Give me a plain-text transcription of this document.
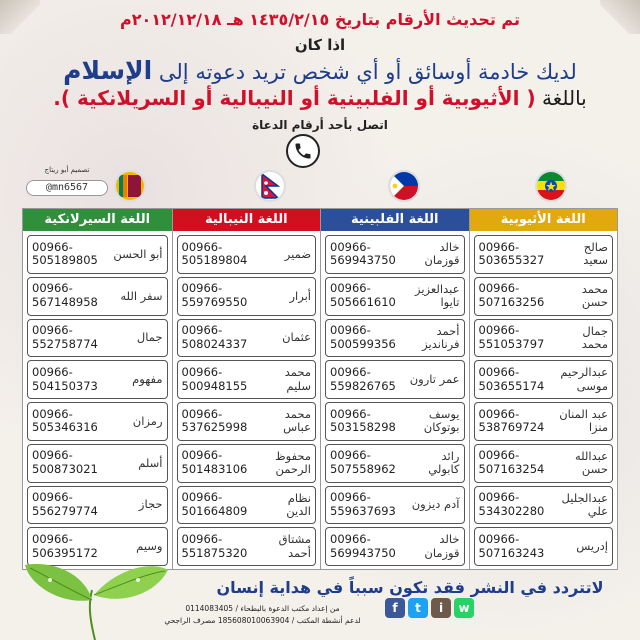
تم تحديث الأرقام بتاريخ ١٤٣٥/٢/١٥ هـ ٢٠١٢/١٢/١٨م
اذا كان
لديك خادمة أوسائق أو أي شخص تريد دعوته إلى الإسلام
باللغة ( الأثيوبية أو الفلبينية أو النيبالية أو السريلانكية ).
اتصل بأحد أرقام الدعاة
تصميم أبو ريتاج
@mn6567
اللغة الأثيوبية
صالح سعيد
00966-503655327
محمد حسن
00966-507163256
جمال محمد
00966-551053797
عبدالرحيم موسى
00966-503655174
عبد المنان منزا
00966-538769724
عبدالله حسن
00966-507163254
عبدالجليل علي
00966-534302280
إدريس
00966-507163243
اللغة الفلبينية
خالد قوزمان
00966-569943750
عبدالعزيز تايوا
00966-505661610
أحمد فرنانديز
00966-500599356
عمر تارون
00966-559826765
يوسف بوتوكان
00966-503158298
رائد كابولي
00966-507558962
آدم ديزون
00966-559637693
خالد قوزمان
00966-569943750
اللغة النيبالية
ضمير
00966-505189804
أبرار
00966-559769550
عثمان
00966-508024337
محمد سليم
00966-500948155
محمد عباس
00966-537625998
محفوظ الرحمن
00966-501483106
نظام الدين
00966-501664809
مشتاق أحمد
00966-551875320
اللغة السيرلانكية
أبو الحسن
00966-505189805
سفر الله
00966-567148958
جمال
00966-552758774
مفهوم
00966-504150373
رمزان
00966-505346316
أسلم
00966-500873021
حجاز
00966-556279774
وسيم
00966-506395172
لاتتردد في النشر فقد تكون سبباً في هداية إنسان
f	t	i	w
من إعداد مكتب الدعوة بالبطحاء / 0114083405
لدعم أنشطة المكتب / 185608010063904 مصرف الراجحي
